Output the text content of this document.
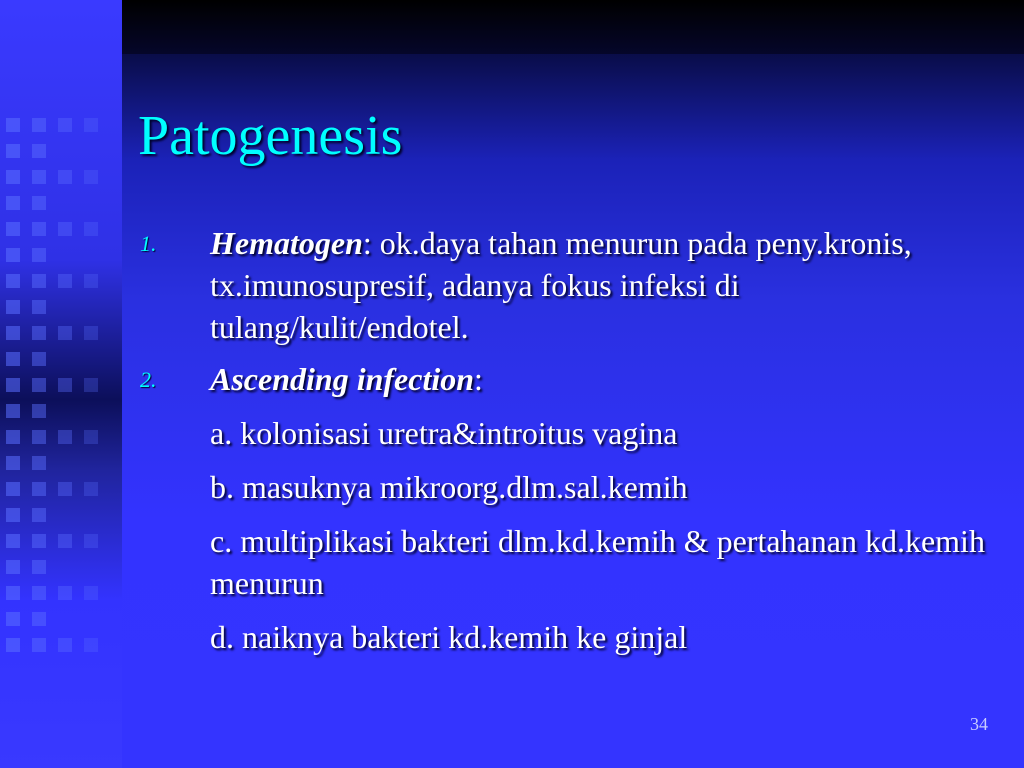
Patogenesis
1. Hematogen: ok.daya tahan menurun pada peny.kronis, tx.imunosupresif, adanya fokus infeksi di tulang/kulit/endotel.
2. Ascending infection:
a. kolonisasi uretra&introitus vagina
b. masuknya mikroorg.dlm.sal.kemih
c. multiplikasi bakteri dlm.kd.kemih & pertahanan kd.kemih menurun
d. naiknya bakteri kd.kemih ke ginjal
34
